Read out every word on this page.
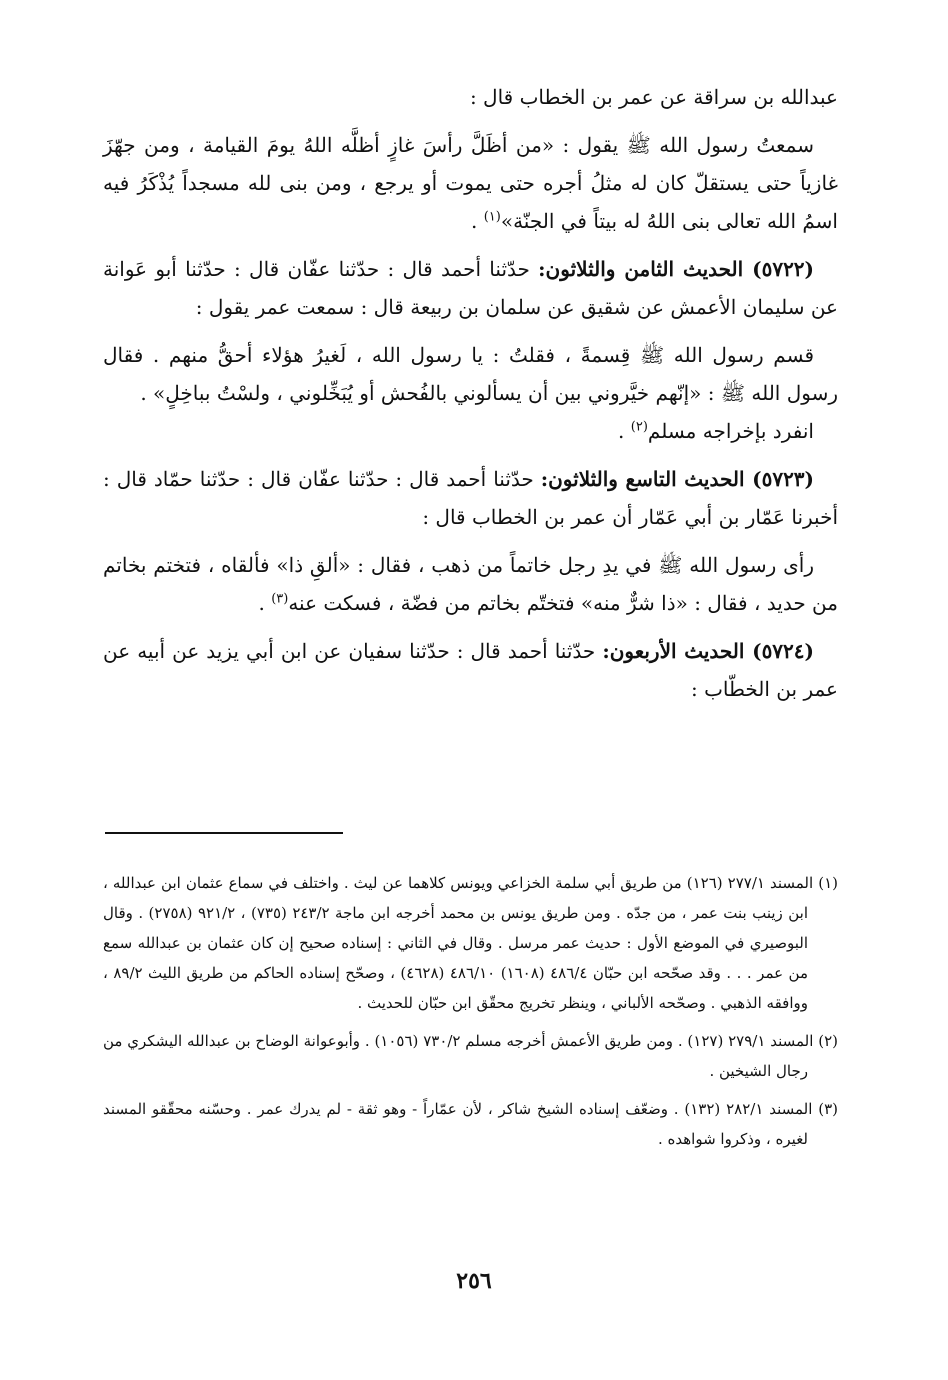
عبدالله بن سراقة عن عمر بن الخطاب قال :

سمعتُ رسول الله ﷺ يقول : «من أظَلَّ رأسَ غازٍ أظلَّه اللهُ يومَ القيامة ، ومن جهّزَ غازياً حتى يستقلّ كان له مثلُ أجره حتى يموت أو يرجع ، ومن بنى لله مسجداً يُذْكَرُ فيه اسمُ الله تعالى بنى اللهُ له بيتاً في الجنّة»$^{(١)}$ .

(٥٧٢٢) الحديث الثامن والثلاثون: حدّثنا أحمد قال : حدّثنا عفّان قال : حدّثنا أبو عَوانة عن سليمان الأعمش عن شقيق عن سلمان بن ربيعة قال : سمعت عمر يقول :

قسم رسول الله ﷺ قِسمةً ، فقلتُ : يا رسول الله ، لَغيرُ هؤلاء أحقُّ منهم . فقال رسول الله ﷺ : «إنّهم خيَّروني بين أن يسألوني بالفُحش أو يُبَخِّلوني ، ولسْتُ بباخِلٍ» .

انفرد بإخراجه مسلم$^{(٢)}$ .

(٥٧٢٣) الحديث التاسع والثلاثون: حدّثنا أحمد قال : حدّثنا عفّان قال : حدّثنا حمّاد قال : أخبرنا عَمّار بن أبي عَمّار أن عمر بن الخطاب قال :

رأى رسول الله ﷺ في يدِ رجل خاتماً من ذهب ، فقال : «ألقِ ذا» فألقاه ، فتختم بخاتم من حديد ، فقال : «ذا شرٌّ منه» فتختّم بخاتم من فضّة ، فسكت عنه$^{(٣)}$ .

(٥٧٢٤) الحديث الأربعون: حدّثنا أحمد قال : حدّثنا سفيان عن ابن أبي يزيد عن أبيه عن عمر بن الخطّاب :

(١) المسند ٢٧٧/١ (١٢٦) من طريق أبي سلمة الخزاعي ويونس كلاهما عن ليث . واختلف في سماع عثمان ابن عبدالله ، ابن زينب بنت عمر ، من جدّه . ومن طريق يونس بن محمد أخرجه ابن ماجة ٢٤٣/٢ (٧٣٥) ، ٩٢١/٢ (٢٧٥٨) . وقال البوصيري في الموضع الأول : حديث عمر مرسل . وقال في الثاني : إسناده صحيح إن كان عثمان بن عبدالله سمع من عمر . . . وقد صحّحه ابن حبّان ٤٨٦/٤ (١٦٠٨) ٤٨٦/١٠ (٤٦٢٨) ، وصحّح إسناده الحاكم من طريق الليث ٨٩/٢ ، ووافقه الذهبي . وصحّحه الألباني ، وينظر تخريج محقّق ابن حبّان للحديث .

(٢) المسند ٢٧٩/١ (١٢٧) . ومن طريق الأعمش أخرجه مسلم ٧٣٠/٢ (١٠٥٦) . وأبوعوانة الوضاح بن عبدالله اليشكري من رجال الشيخين .

(٣) المسند ٢٨٢/١ (١٣٢) . وضعّف إسناده الشيخ شاكر ، لأن عمّاراً - وهو ثقة - لم يدرك عمر . وحسّنه محقّقو المسند لغيره ، وذكروا شواهده .

٢٥٦
